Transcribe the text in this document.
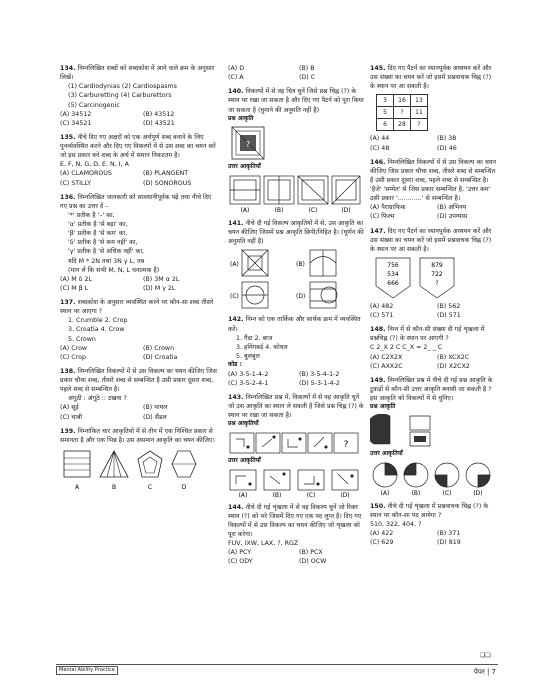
134. निम्नलिखित शब्दों को शब्दकोश में आने वाले क्रम के अनुसार लिखें।
(1) Cardiodynias (2) Cardiospasms
(3) Carburetting (4) Carburettors
(5) Carcinogenic
(A) 34512	(B) 43512
(C) 34521	(D) 43521
135. नीचे दिए गए अक्षरों को एक अर्थपूर्ण शब्द बनाने के लिए पुनर्व्यवस्थित करने और दिए गए विकल्पों में से उस शब्द का चयन करें जो इस प्रकार बने शब्द के अर्थ में समान निकटतम है।
E, F, N, G, D, E, N, I, A
(A) CLAMOROUS	(B) PLANGENT
(C) STILLY	(D) SONOROUS
136. निम्नलिखित जानकारी को सावधानीपूर्वक पढ़ें तथा नीचे दिए गए प्रश्न का उत्तर दें –
'*' प्रतीक है '–' का,
'α' प्रतीक है 'से बड़ा' का,
'β' प्रतीक है 'से कम' का,
'δ' प्रतीक है 'से कम नहीं' का,
'γ' प्रतीक है 'से अधिक नहीं' का,
यदि M * 2N तथा 3N γ L, तब
(मान लें कि सभी M, N, L धनात्मक है)
(A) M δ 2L	(B) 3M α 2L
(C) M β L	(D) M γ 2L
137. शब्दकोश के अनुसार व्यवस्थित करने पर कौन-सा शब्द तीसरे स्थान पर आएगा ?
1. Crumble 2. Crop
3. Croatia 4. Crow
5. Crown
(A) Crow	(B) Crown
(C) Crop	(D) Croatia
138. निम्नलिखित विकल्पों में से उस विकल्प का चयन कीजिए जिस प्रकार चौथा शब्द, तीसरे शब्द से सम्बन्धित है उसी प्रकार दूसरा शब्द, पहले शब्द से सम्बन्धित है।
अंगूठी : अंगूठे :: टखना ?
(A) सूई	(B) पायल
(C) चाबी	(D) सैंडल
139. निम्नांकित चार आकृतियों में से तीन में एक निश्चित प्रकार से समानता है और एक भिन्न है। उस असमान आकृति का चयन कीजिए।
A	B	C	D
(A) D	(B) B
(C) A	(D) C
140. विकल्पों में से वह चित्र चुनें जिसे प्रश्न चिह्न (?) के स्थान पर रखा जा सकता है और दिए गए पैटर्न को पूरा किया जा सकता है (घुमाने की अनुमति नहीं है)
प्रश्न आकृति
?
उत्तर आकृतियाँ
(A)	(B)	(C)	(D)
141. नीचे दी गई विकल्प आकृतियों में से, उस आकृति का चयन कीजिए जिसमें प्रश्न आकृति छिपी/निहित है। (घूर्णन की अनुमति नहीं है)
(A)	(B)
(C)	(D)
142. निम्न को एक तार्किक और सार्थक क्रम में व्यवस्थित करें।
1. गैंडा 2. बाज
3. हमिंगबर्ड 4. कोयल
5. बुलबुल
कोड :
(A) 3-5-1-4-2	(B) 3-5-4-1-2
(C) 3-5-2-4-1	(D) 5-3-1-4-2
143. निम्नलिखित प्रश्न में, विकल्पों में से वह आकृति चुनें जो उस आकृति का स्थान ले सकती है जिसे प्रश्न चिह्न (?) के स्थान पर रखा जा सकता है।
प्रश्न आकृतियाँ
?
उत्तर आकृतियाँ
(A)	(B)	(C)	(D)
144. नीचे दी गई शृंखला में से वह विकल्प चुनें जो रिक्त स्थान (?) को भरे जिसमें दिए गए एक पद लुप्त है। दिए गए विकल्पों में से उस विकल्प का चयन कीजिए जो शृंखला को पूरा करेगा।
FUV, IXW, LAX, ?, RGZ
(A) PCY	(B) PCX
(C) ODY	(D) OCW
145. दिए गए पैटर्न का ध्यानपूर्वक अध्ययन करें और उस संख्या का चयन करें जो इसमें प्रश्नवाचक चिह्न (?) के स्थान पर आ सकती है।
3	16	13
5	?	11
6	28	?
(A) 44	(B) 38
(C) 48	(D) 46
146. निम्नलिखित विकल्पों में से उस विकल्प का चयन कीजिए जिस प्रकार चौथा शब्द, तीसरे शब्द से सम्बन्धित है उसी प्रकार दूसरा शब्द, पहले शब्द से सम्बन्धित है।
'हैजे' 'सम्मेत' से जिस प्रकार सम्बन्धित है, 'उत्तर कम' उसी प्रकार '............' से सम्बन्धित है।
(A) पैराग्राफिक	(B) अभिनय
(C) फिल्म	(D) उपन्यास
147. दिए गए पैटर्न का ध्यानपूर्वक अध्ययन करें और उस संख्या का चयन करें जो इसमें प्रश्नवाचक चिह्न (?) के स्थान पर आ सकती है।
756
534
666
879
722
?
(A) 482	(B) 562
(C) 571	(D) 571
148. निम्न में से कौन-सी संख्या दी गई शृंखला में प्रश्नचिह्न (?) के स्थान पर आएगी ?
C 2_X 2 C C_X = 2_ _ C
(A) C2X2X	(B) XCX2C
(C) AXX2C	(D) X2CX2
149. निम्नलिखित प्रश्न में नीचे दी गई प्रश्न आकृति के टुकड़ों से कौन-सी उत्तर आकृति बनायी जा सकती है ? इस आकृति को विकल्पों में से चुनिए।
प्रश्न आकृति
उत्तर आकृतियाँ
(A)	(B)	(C)	(D)
150. नीचे दी गई शृंखला में प्रश्नवाचक चिह्न (?) के स्थान पर कौन-सा पद आयेगा ?
510, 322, 404, ?
(A) 422	(B) 371
(C) 629	(D) 819
❏❏
Mental Ability Practice	पेपर | 7
